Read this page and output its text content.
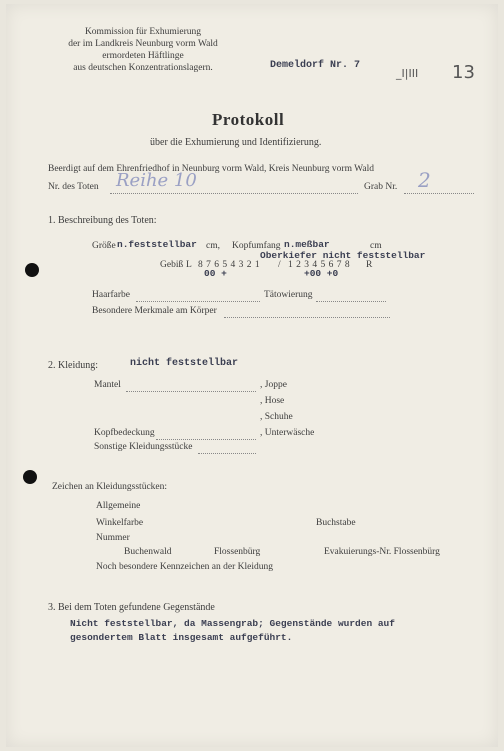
Kommission für Exhumierung
der im Landkreis Neunburg vorm Wald
ermordeten Häftlinge
aus deutschen Konzentrationslagern.	Demeldorf Nr. 7
_I|III 13
Protokoll
über die Exhumierung und Identifizierung.
Beerdigt auf dem Ehrenfriedhof in Neunburg vorm Wald, Kreis Neunburg vorm Wald
Nr. des Toten Reihe 10	Grab Nr. 2
1. Beschreibung des Toten:
Größe n.feststellbar cm, Kopfumfang n.meßbar	cm
Oberkiefer nicht feststellbar
Gebiß L 8 7 6 5 4 3 2 1 / 1 2 3 4 5 6 7 8 R
00 +	+00 +0
Haarfarbe	Tätowierung
Besondere Merkmale am Körper
2. Kleidung:	nicht feststellbar
Mantel	, Joppe
, Hose
, Schuhe
Kopfbedeckung	, Unterwäsche
Sonstige Kleidungsstücke
Zeichen an Kleidungsstücken:
Allgemeine
Winkelfarbe	Buchstabe
Nummer
Buchenwald	Flossenbürg	Evakuierungs-Nr. Flossenbürg
Noch besondere Kennzeichen an der Kleidung
3. Bei dem Toten gefundene Gegenstände
Nicht feststellbar, da Massengrab; Gegenstände wurden auf
gesondertem Blatt insgesamt aufgeführt.
